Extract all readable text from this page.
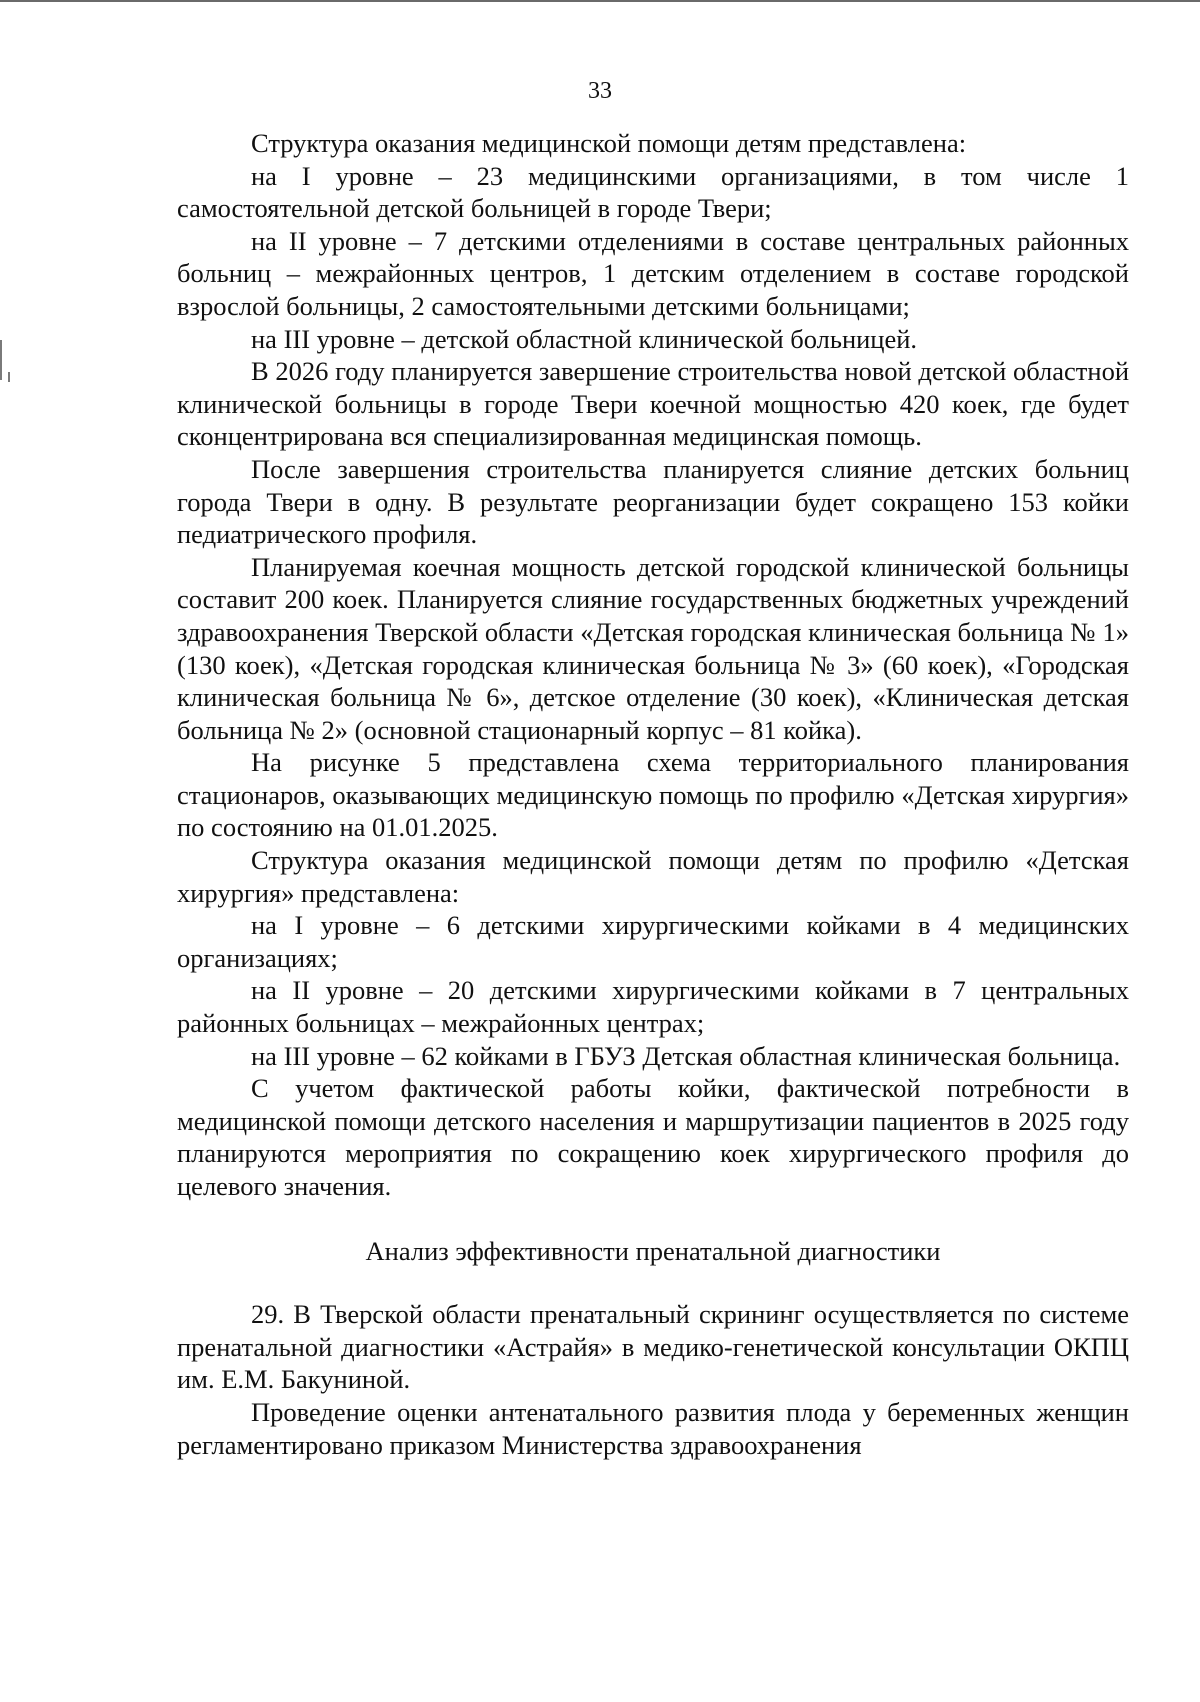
33

Структура оказания медицинской помощи детям представлена:

на I уровне – 23 медицинскими организациями, в том числе 1 самостоятельной детской больницей в городе Твери;

на II уровне – 7 детскими отделениями в составе центральных районных больниц – межрайонных центров, 1 детским отделением в составе городской взрослой больницы, 2 самостоятельными детскими больницами;

на III уровне – детской областной клинической больницей.

В 2026 году планируется завершение строительства новой детской областной клинической больницы в городе Твери коечной мощностью 420 коек, где будет сконцентрирована вся специализированная медицинская помощь.

После завершения строительства планируется слияние детских больниц города Твери в одну. В результате реорганизации будет сокращено 153 койки педиатрического профиля.

Планируемая коечная мощность детской городской клинической больницы составит 200 коек. Планируется слияние государственных бюджетных учреждений здравоохранения Тверской области «Детская городская клиническая больница № 1» (130 коек), «Детская городская клиническая больница № 3» (60 коек), «Городская клиническая больница № 6», детское отделение (30 коек), «Клиническая детская больница № 2» (основной стационарный корпус – 81 койка).

На рисунке 5 представлена схема территориального планирования стационаров, оказывающих медицинскую помощь по профилю «Детская хирургия» по состоянию на 01.01.2025.

Структура оказания медицинской помощи детям по профилю «Детская хирургия» представлена:

на I уровне – 6 детскими хирургическими койками в 4 медицинских организациях;

на II уровне – 20 детскими хирургическими койками в 7 центральных районных больницах – межрайонных центрах;

на III уровне – 62 койками в ГБУЗ Детская областная клиническая больница.

С учетом фактической работы койки, фактической потребности в медицинской помощи детского населения и маршрутизации пациентов в 2025 году планируются мероприятия по сокращению коек хирургического профиля до целевого значения.

Анализ эффективности пренатальной диагностики

29. В Тверской области пренатальный скрининг осуществляется по системе пренатальной диагностики «Астрайя» в медико-генетической консультации ОКПЦ им. Е.М. Бакуниной.

Проведение оценки антенатального развития плода у беременных женщин регламентировано приказом Министерства здравоохранения
